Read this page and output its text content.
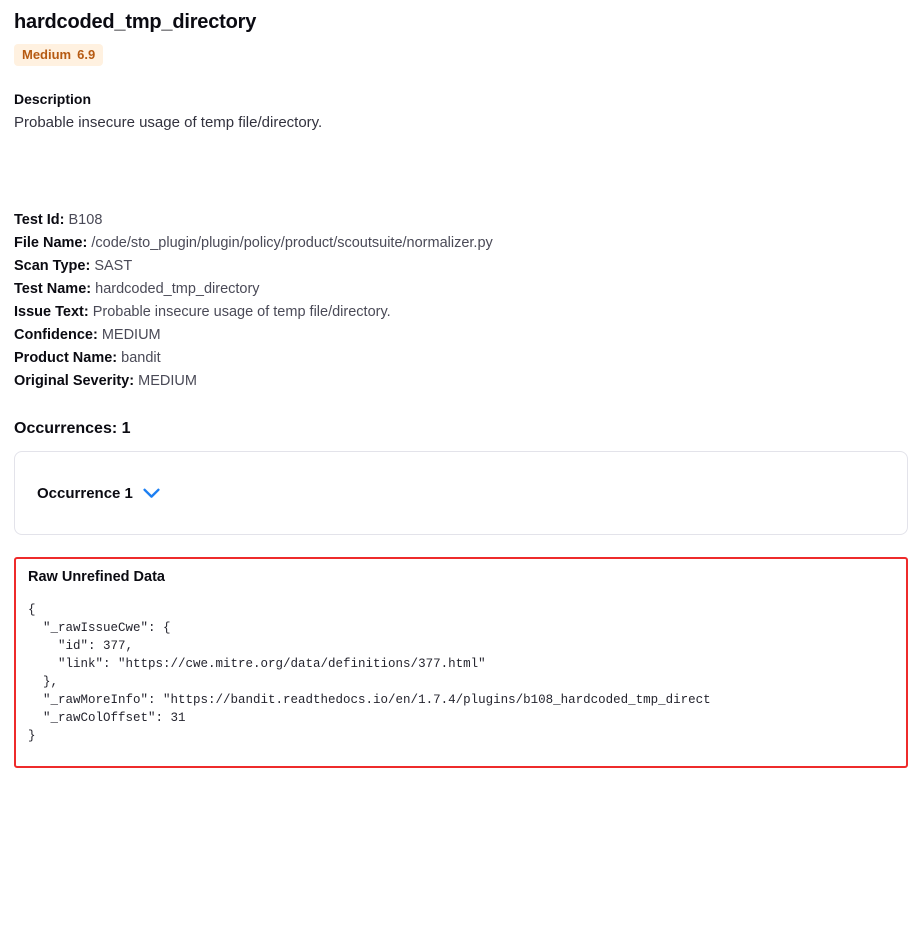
hardcoded_tmp_directory
Medium 6.9
Description
Probable insecure usage of temp file/directory.
Test Id: B108
File Name: /code/sto_plugin/plugin/policy/product/scoutsuite/normalizer.py
Scan Type: SAST
Test Name: hardcoded_tmp_directory
Issue Text: Probable insecure usage of temp file/directory.
Confidence: MEDIUM
Product Name: bandit
Original Severity: MEDIUM
Occurrences: 1
Occurrence 1
Raw Unrefined Data
{
"_rawIssueCwe": {
"id": 377,
"link": "https://cwe.mitre.org/data/definitions/377.html"
},
"_rawMoreInfo": "https://bandit.readthedocs.io/en/1.7.4/plugins/b108_hardcoded_tmp_direct
"_rawColOffset": 31
}
